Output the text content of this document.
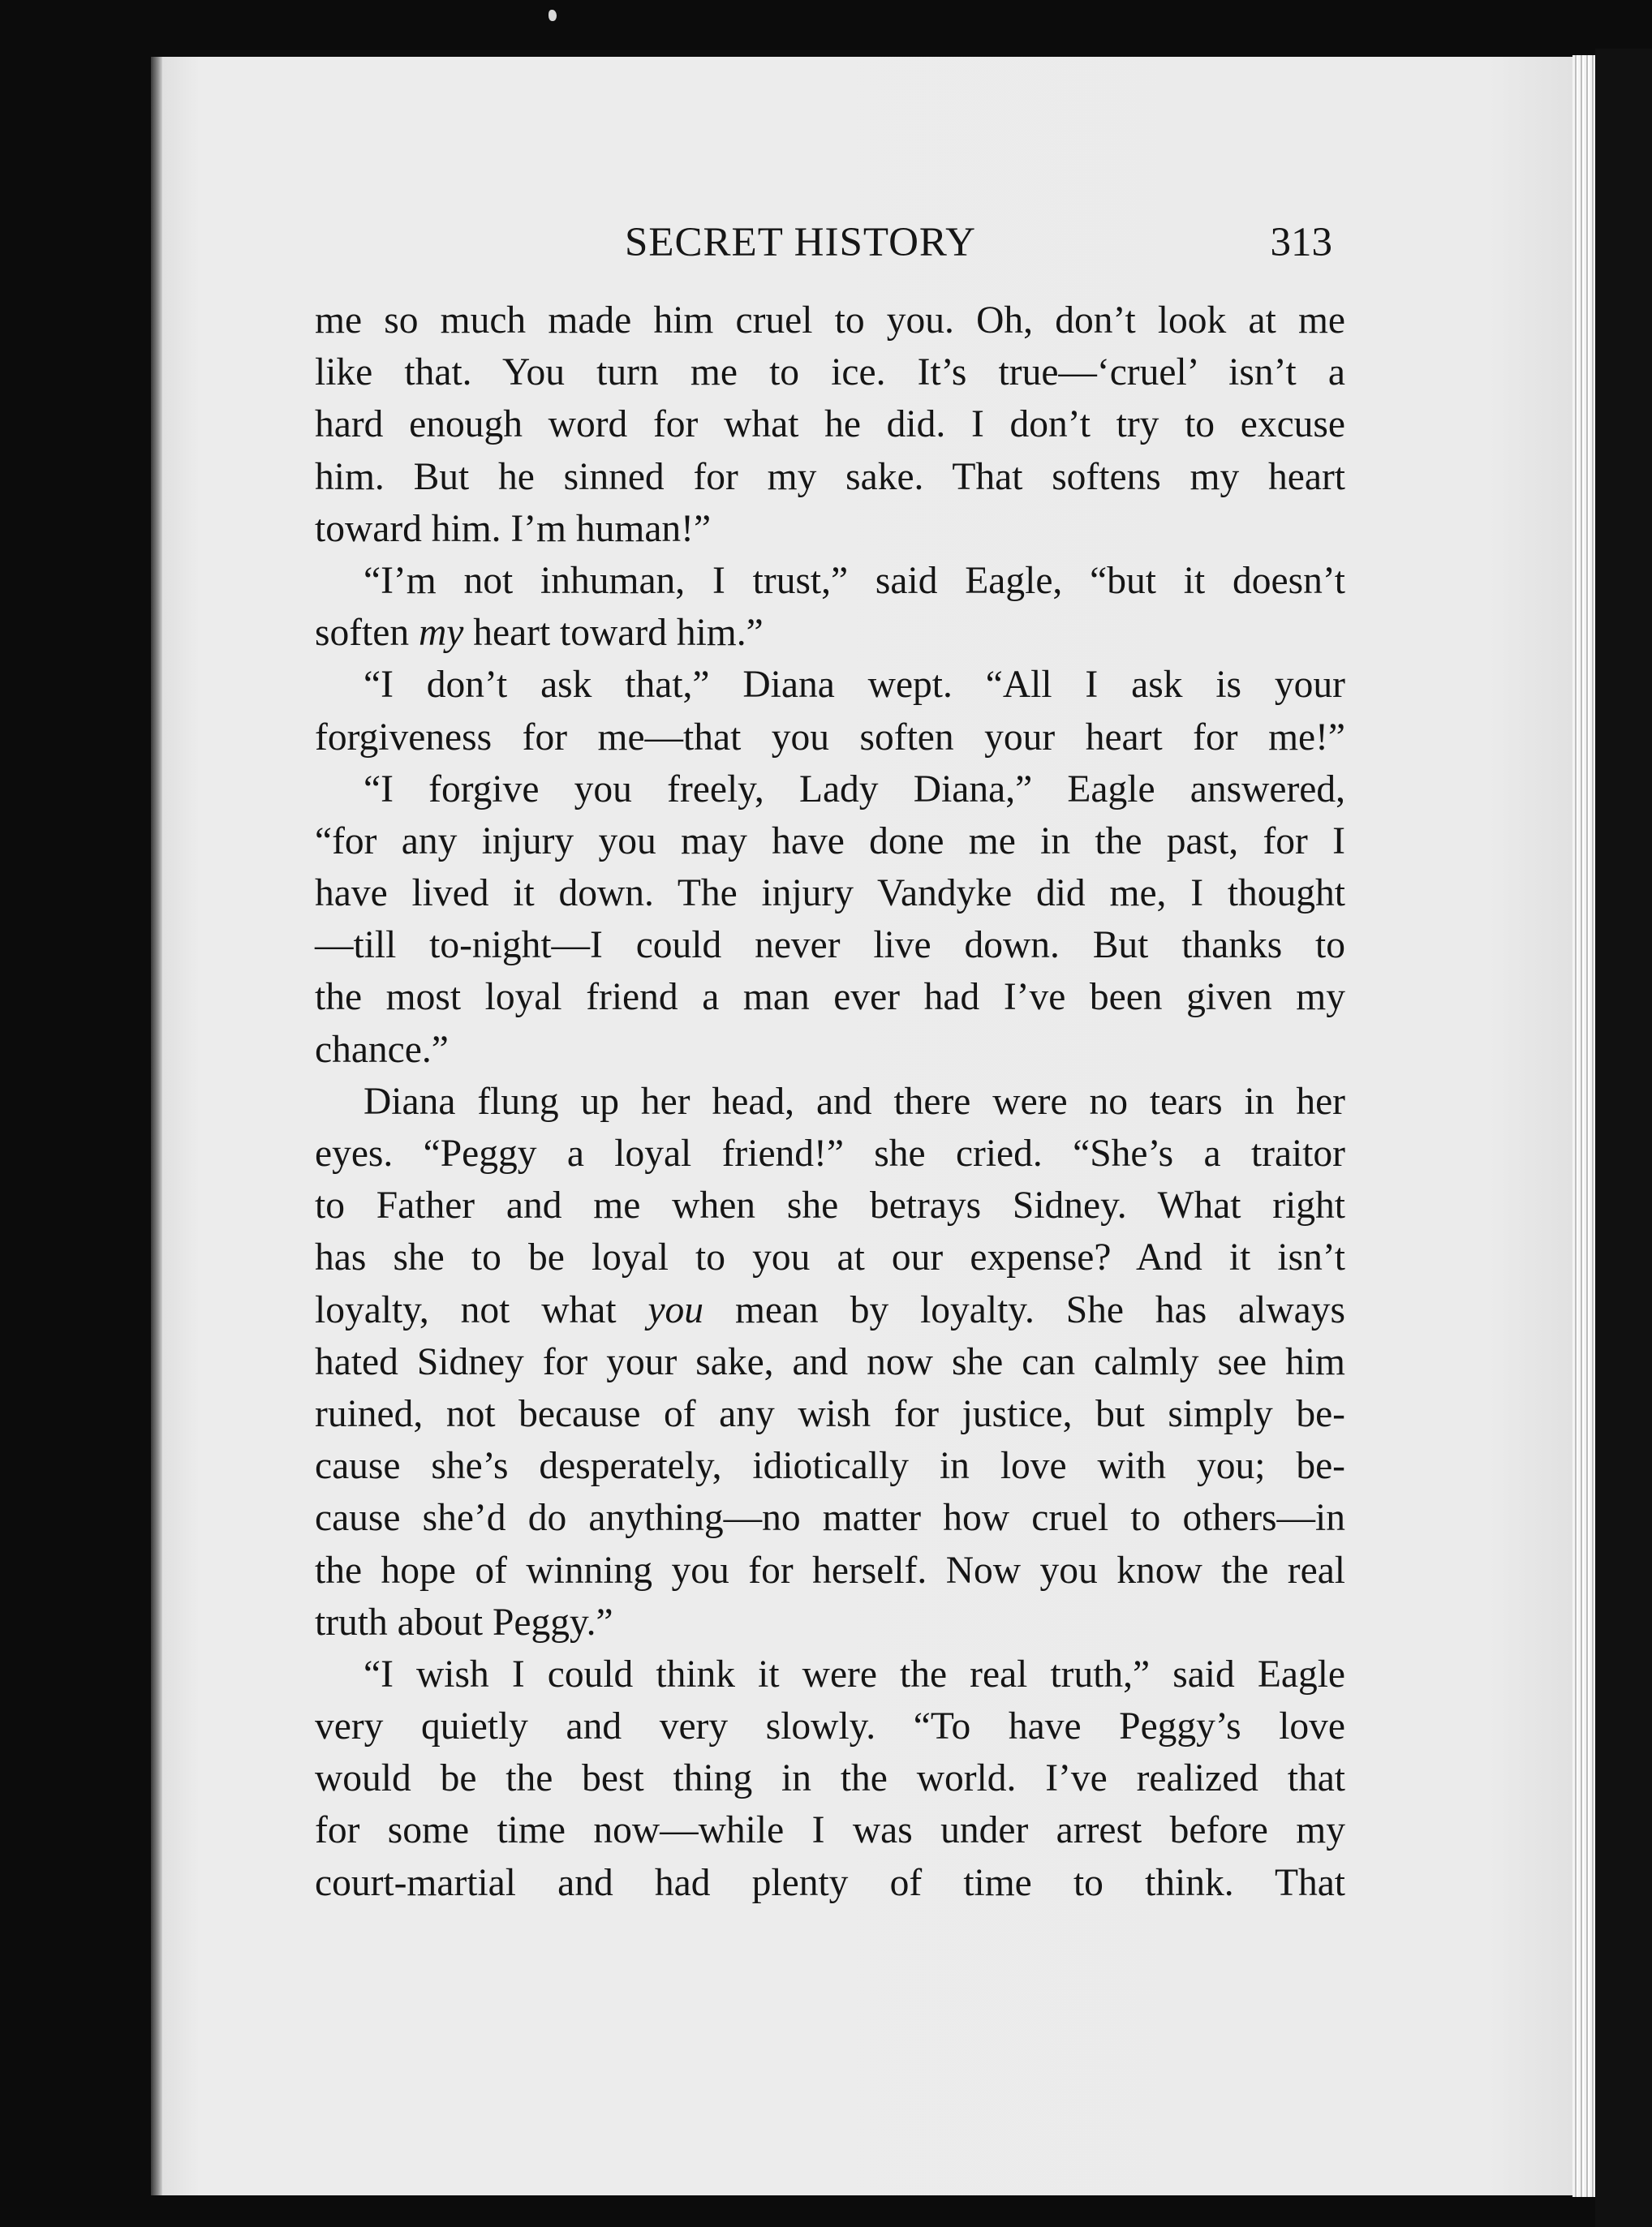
SECRET HISTORY	313
me so much made him cruel to you. Oh, don’t look at me
like that. You turn me to ice. It’s true—‘cruel’ isn’t a
hard enough word for what he did. I don’t try to excuse
him. But he sinned for my sake. That softens my heart
toward him. I’m human!”
“I’m not inhuman, I trust,” said Eagle, “but it doesn’t
soften my heart toward him.”
“I don’t ask that,” Diana wept. “All I ask is your
forgiveness for me—that you soften your heart for me!”
“I forgive you freely, Lady Diana,” Eagle answered,
“for any injury you may have done me in the past, for I
have lived it down. The injury Vandyke did me, I thought
—till to-night—I could never live down. But thanks to
the most loyal friend a man ever had I’ve been given my
chance.”
Diana flung up her head, and there were no tears in her
eyes. “Peggy a loyal friend!” she cried. “She’s a traitor
to Father and me when she betrays Sidney. What right
has she to be loyal to you at our expense? And it isn’t
loyalty, not what you mean by loyalty. She has always
hated Sidney for your sake, and now she can calmly see him
ruined, not because of any wish for justice, but simply be-
cause she’s desperately, idiotically in love with you; be-
cause she’d do anything—no matter how cruel to others—in
the hope of winning you for herself. Now you know the real
truth about Peggy.”
“I wish I could think it were the real truth,” said Eagle
very quietly and very slowly. “To have Peggy’s love
would be the best thing in the world. I’ve realized that
for some time now—while I was under arrest before my
court-martial and had plenty of time to think. That
